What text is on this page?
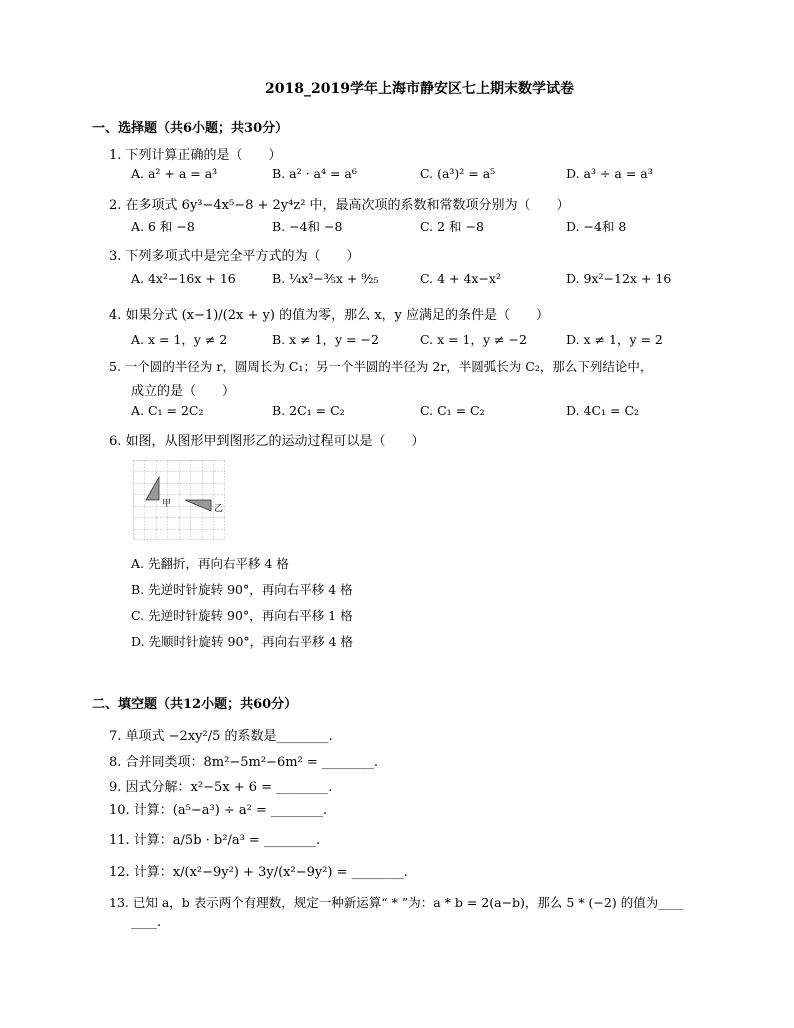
2018_2019学年上海市静安区七上期末数学试卷
一、选择题（共6小题；共30分）
1. 下列计算正确的是（　　）
A. a² + a = a³	B. a² · a⁴ = a⁶	C. (a³)² = a⁵	D. a³ ÷ a = a³
2. 在多项式 6y³−4x⁵−8 + 2y⁴z² 中，最高次项的系数和常数项分别为（　　）
A. 6 和 −8	B. −4和 −8	C. 2 和 −8	D. −4和 8
3. 下列多项式中是完全平方式的为（　　）
A. 4x²−16x + 16	B. ¼x³−³⁄₅x + ⁹⁄₂₅	C. 4 + 4x−x²	D. 9x²−12x + 16
4. 如果分式 (x−1)/(2x + y) 的值为零，那么 x，y 应满足的条件是（　　）
A. x = 1，y ≠ 2	B. x ≠ 1，y = −2	C. x = 1，y ≠ −2	D. x ≠ 1，y = 2
5. 一个圆的半径为 r，圆周长为 C₁；另一个半圆的半径为 2r，半圆弧长为 C₂，那么下列结论中，
成立的是（　　）
A. C₁ = 2C₂	B. 2C₁ = C₂	C. C₁ = C₂	D. 4C₁ = C₂
6. 如图，从图形甲到图形乙的运动过程可以是（　　）
甲	乙
A. 先翻折，再向右平移 4 格
B. 先逆时针旋转 90°，再向右平移 4 格
C. 先逆时针旋转 90°，再向右平移 1 格
D. 先顺时针旋转 90°，再向右平移 4 格
二、填空题（共12小题；共60分）
7. 单项式 −2xy²/5 的系数是________.
8. 合并同类项：8m²−5m²−6m² = ________.
9. 因式分解：x²−5x + 6 = ________.
10. 计算：(a⁵−a³) ÷ a² = ________.
11. 计算：a/5b · b²/a³ = ________.
12. 计算：x/(x²−9y²) + 3y/(x²−9y²) = ________.
13. 已知 a，b 表示两个有理数，规定一种新运算“ * ”为：a * b = 2(a−b)，那么 5 * (−2) 的值为____
____.
